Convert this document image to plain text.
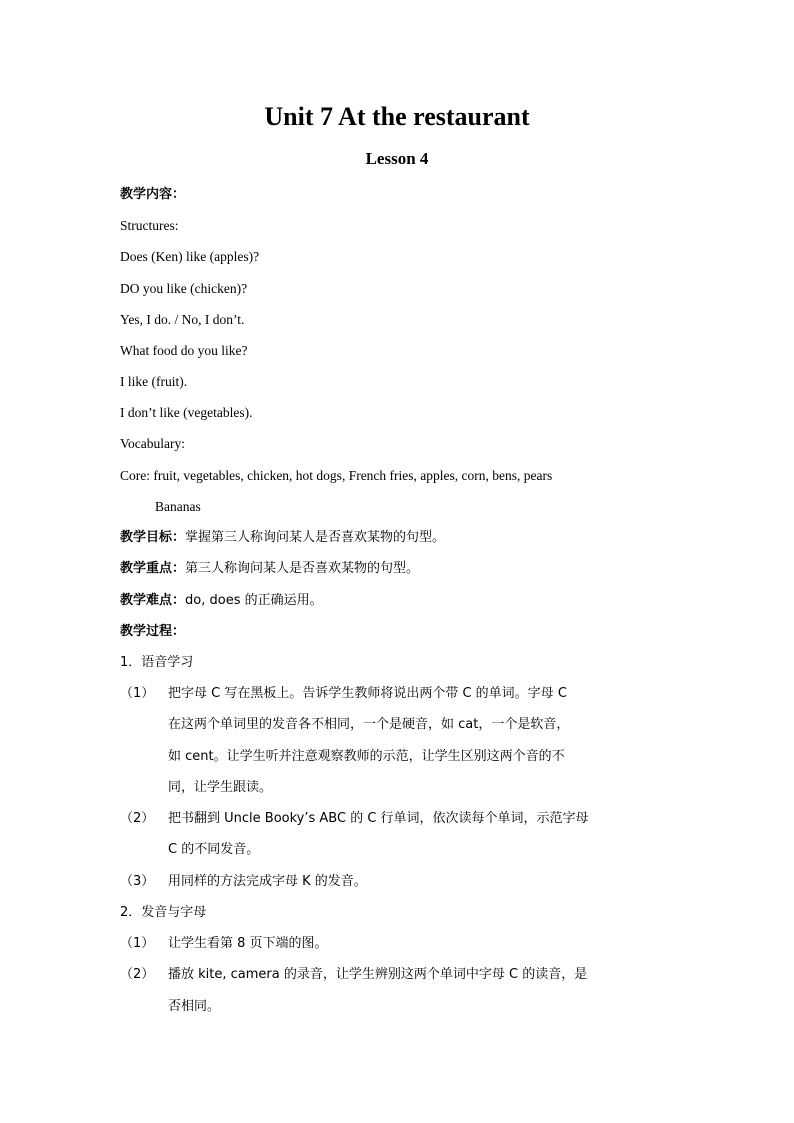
Unit 7 At the restaurant
Lesson 4
教学内容：
Structures:
Does (Ken) like (apples)?
DO you like (chicken)?
Yes, I do. / No, I don’t.
What food do you like?
I like (fruit).
I don’t like (vegetables).
Vocabulary:
Core: fruit, vegetables, chicken, hot dogs, French fries, apples, corn, bens, pears
Bananas
教学目标：掌握第三人称询问某人是否喜欢某物的句型。
教学重点：第三人称询问某人是否喜欢某物的句型。
教学难点：do, does 的正确运用。
教学过程：
1．语音学习
（1） 把字母 C 写在黑板上。告诉学生教师将说出两个带 C 的单词。字母 C
在这两个单词里的发音各不相同，一个是硬音，如 cat，一个是软音，
如 cent。让学生听并注意观察教师的示范，让学生区别这两个音的不
同，让学生跟读。
（2） 把书翻到 Uncle Booky’s ABC 的 C 行单词，依次读每个单词，示范字母
C 的不同发音。
（3） 用同样的方法完成字母 K 的发音。
2．发音与字母
（1） 让学生看第 8 页下端的图。
（2） 播放 kite, camera 的录音，让学生辨别这两个单词中字母 C 的读音，是
否相同。
